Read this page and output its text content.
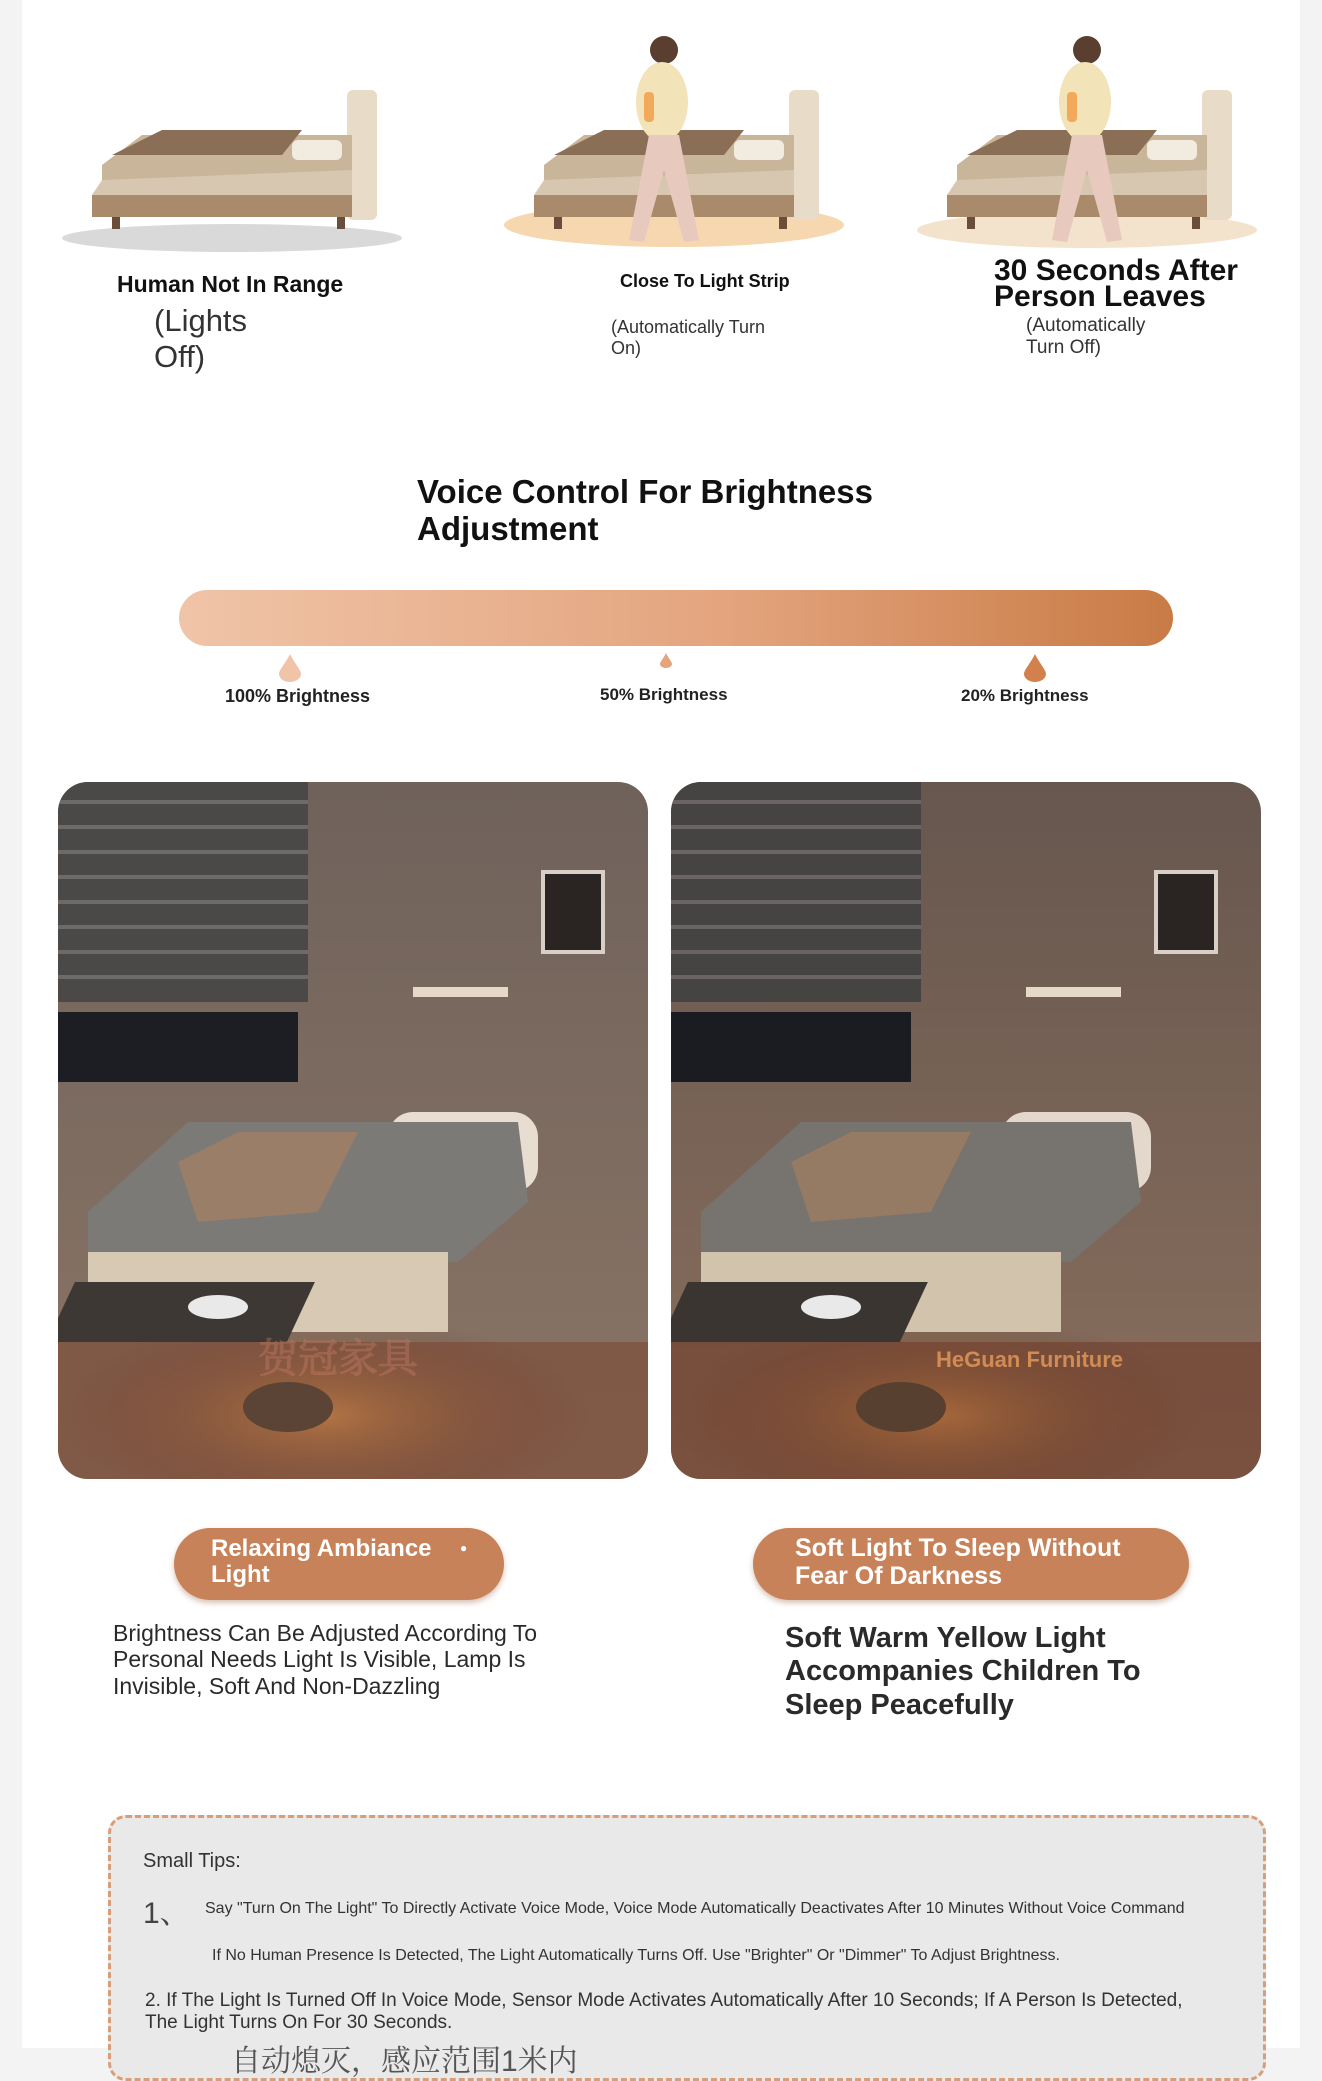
Human Not In Range
(Lights Off)
Close To Light Strip
(Automatically Turn On)
30 Seconds After Person Leaves
(Automatically Turn Off)
Voice Control For Brightness Adjustment
100% Brightness	50% Brightness	20% Brightness
贺冠家具	HeGuan Furniture
Relaxing Ambiance Light
●
Brightness Can Be Adjusted According To Personal Needs Light Is Visible, Lamp Is Invisible, Soft And Non-Dazzling
Soft Light To Sleep Without Fear Of Darkness
Soft Warm Yellow Light Accompanies Children To Sleep Peacefully
Small Tips:
1、 Say "Turn On The Light" To Directly Activate Voice Mode, Voice Mode Automatically Deactivates After 10 Minutes Without Voice Command
If No Human Presence Is Detected, The Light Automatically Turns Off. Use "Brighter" Or "Dimmer" To Adjust Brightness.
2. If The Light Is Turned Off In Voice Mode, Sensor Mode Activates Automatically After 10 Seconds; If A Person Is Detected, The Light Turns On For 30 Seconds.
自动熄灭，感应范围1米内
